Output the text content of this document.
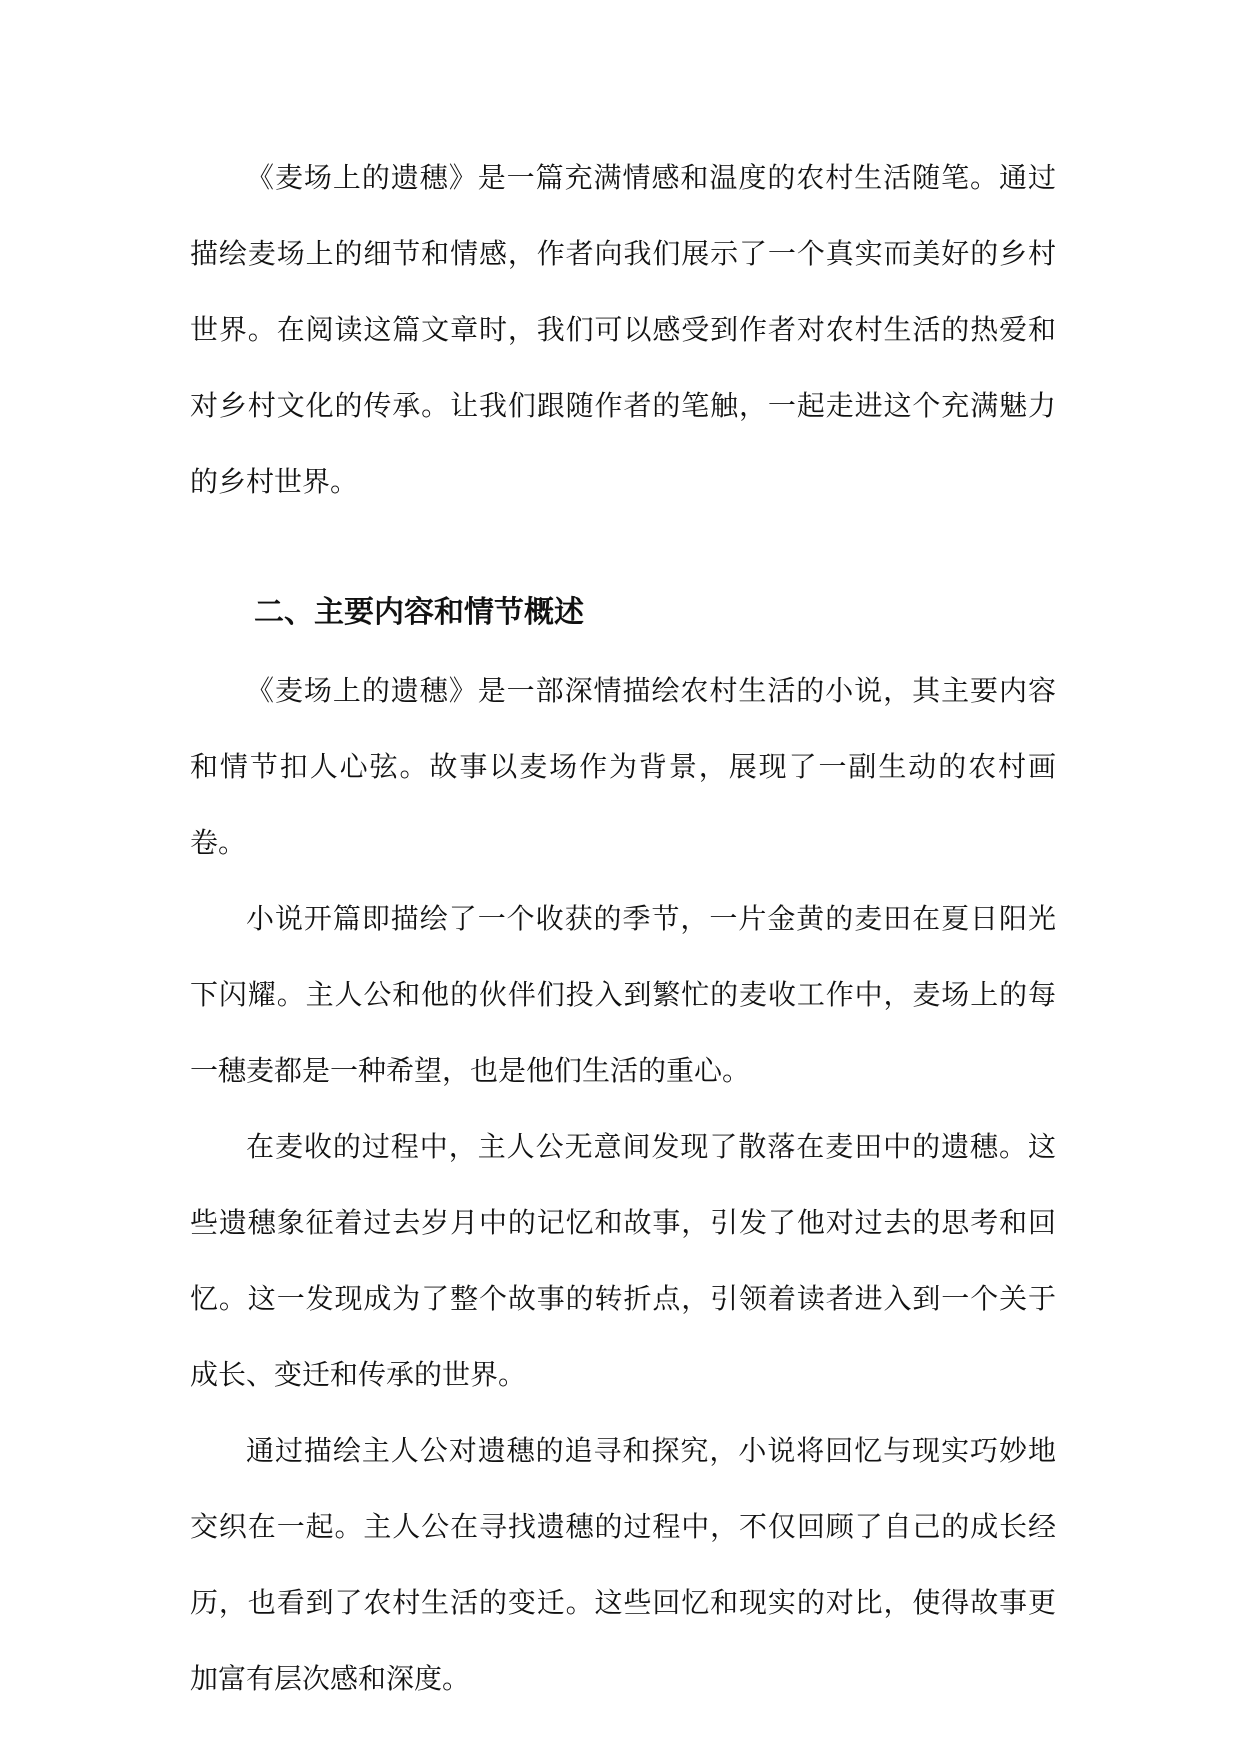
《麦场上的遗穗》是一篇充满情感和温度的农村生活随笔。通过描绘麦场上的细节和情感，作者向我们展示了一个真实而美好的乡村世界。在阅读这篇文章时，我们可以感受到作者对农村生活的热爱和对乡村文化的传承。让我们跟随作者的笔触，一起走进这个充满魅力的乡村世界。

二、主要内容和情节概述

《麦场上的遗穗》是一部深情描绘农村生活的小说，其主要内容和情节扣人心弦。故事以麦场作为背景，展现了一副生动的农村画卷。

小说开篇即描绘了一个收获的季节，一片金黄的麦田在夏日阳光下闪耀。主人公和他的伙伴们投入到繁忙的麦收工作中，麦场上的每一穗麦都是一种希望，也是他们生活的重心。

在麦收的过程中，主人公无意间发现了散落在麦田中的遗穗。这些遗穗象征着过去岁月中的记忆和故事，引发了他对过去的思考和回忆。这一发现成为了整个故事的转折点，引领着读者进入到一个关于成长、变迁和传承的世界。

通过描绘主人公对遗穗的追寻和探究，小说将回忆与现实巧妙地交织在一起。主人公在寻找遗穗的过程中，不仅回顾了自己的成长经历，也看到了农村生活的变迁。这些回忆和现实的对比，使得故事更加富有层次感和深度。
